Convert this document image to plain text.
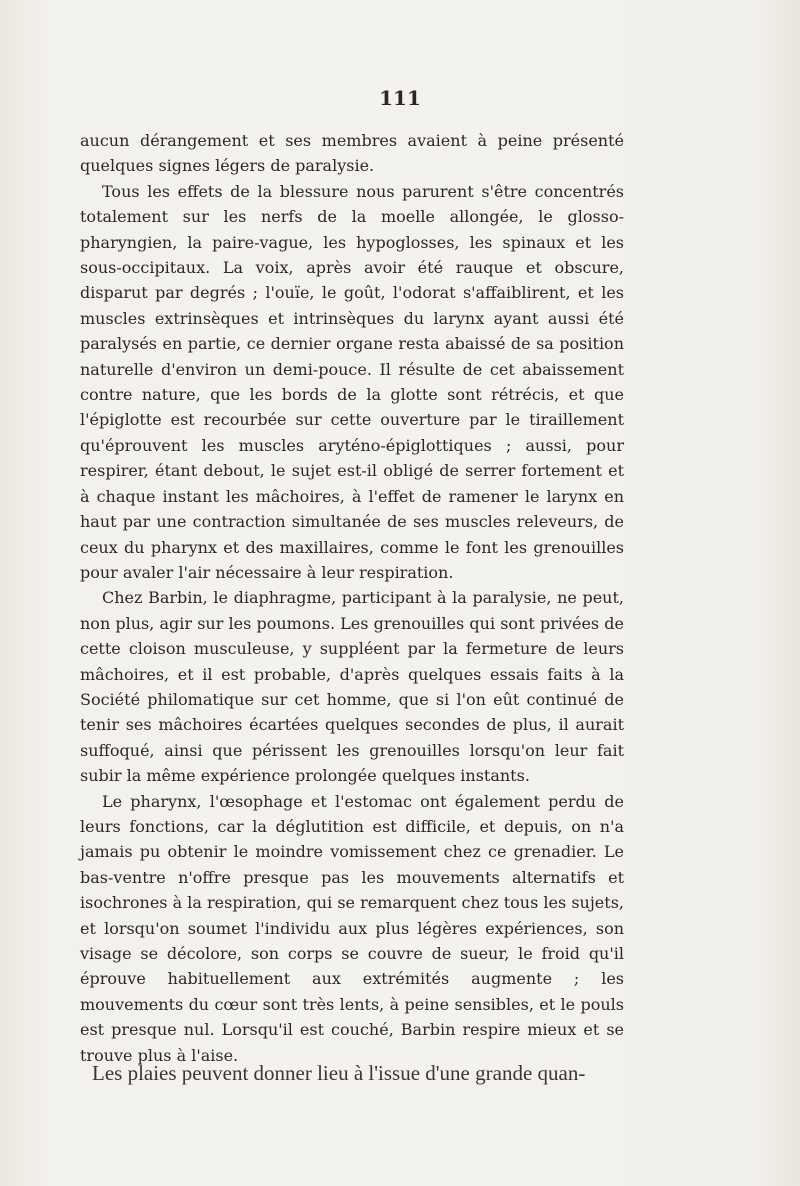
111

aucun dérangement et ses membres avaient à peine présenté quelques signes légers de paralysie.

Tous les effets de la blessure nous parurent s'être concentrés totalement sur les nerfs de la moelle allongée, le glosso-pharyngien, la paire-vague, les hypoglosses, les spinaux et les sous-occipitaux. La voix, après avoir été rauque et obscure, disparut par degrés ; l'ouïe, le goût, l'odorat s'affaiblirent, et les muscles extrinsèques et intrinsèques du larynx ayant aussi été paralysés en partie, ce dernier organe resta abaissé de sa position naturelle d'environ un demi-pouce. Il résulte de cet abaissement contre nature, que les bords de la glotte sont rétrécis, et que l'épiglotte est recourbée sur cette ouverture par le tiraillement qu'éprouvent les muscles aryténo-épiglottiques ; aussi, pour respirer, étant debout, le sujet est-il obligé de serrer fortement et à chaque instant les mâchoires, à l'effet de ramener le larynx en haut par une contraction simultanée de ses muscles releveurs, de ceux du pharynx et des maxillaires, comme le font les grenouilles pour avaler l'air nécessaire à leur respiration.

Chez Barbin, le diaphragme, participant à la paralysie, ne peut, non plus, agir sur les poumons. Les grenouilles qui sont privées de cette cloison musculeuse, y suppléent par la fermeture de leurs mâchoires, et il est probable, d'après quelques essais faits à la Société philomatique sur cet homme, que si l'on eût continué de tenir ses mâchoires écartées quelques secondes de plus, il aurait suffoqué, ainsi que périssent les grenouilles lorsqu'on leur fait subir la même expérience prolongée quelques instants.

Le pharynx, l'œsophage et l'estomac ont également perdu de leurs fonctions, car la déglutition est difficile, et depuis, on n'a jamais pu obtenir le moindre vomissement chez ce grenadier. Le bas-ventre n'offre presque pas les mouvements alternatifs et isochrones à la respiration, qui se remarquent chez tous les sujets, et lorsqu'on soumet l'individu aux plus légères expériences, son visage se décolore, son corps se couvre de sueur, le froid qu'il éprouve habituellement aux extrémités augmente ; les mouvements du cœur sont très lents, à peine sensibles, et le pouls est presque nul. Lorsqu'il est couché, Barbin respire mieux et se trouve plus à l'aise.

Les plaies peuvent donner lieu à l'issue d'une grande quan-
